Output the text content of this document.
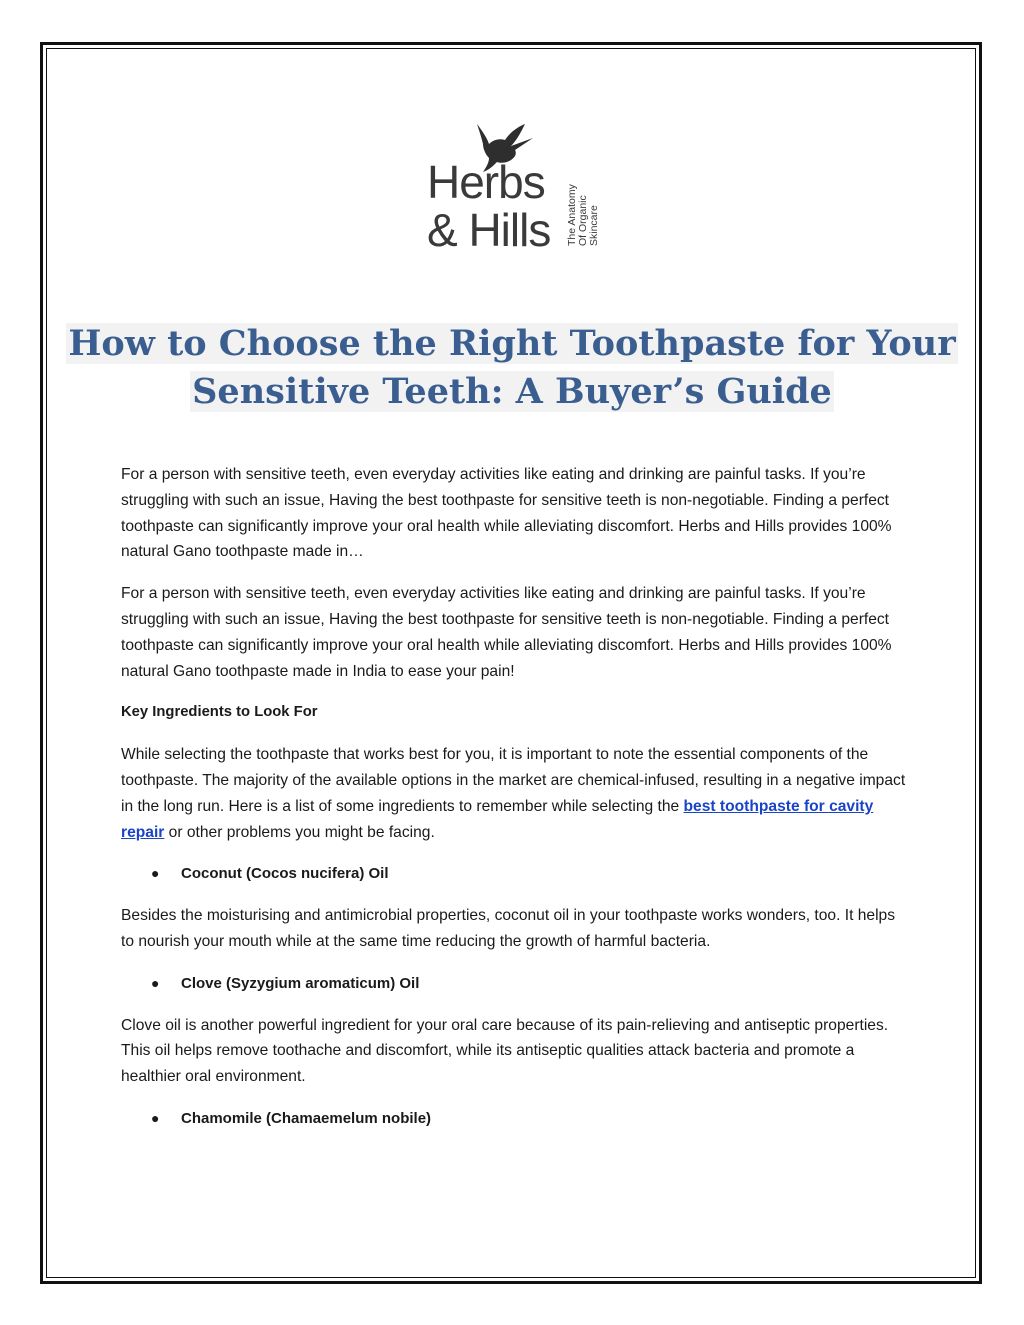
Herbs
& Hills The Anatomy Of Organic Skincare
How to Choose the Right Toothpaste for Your
Sensitive Teeth: A Buyer’s Guide

For a person with sensitive teeth, even everyday activities like eating and drinking are painful tasks. If you’re struggling with such an issue, Having the best toothpaste for sensitive teeth is non-negotiable. Finding a perfect toothpaste can significantly improve your oral health while alleviating discomfort. Herbs and Hills provides 100% natural Gano toothpaste made in…

For a person with sensitive teeth, even everyday activities like eating and drinking are painful tasks. If you’re struggling with such an issue, Having the best toothpaste for sensitive teeth is non-negotiable. Finding a perfect toothpaste can significantly improve your oral health while alleviating discomfort. Herbs and Hills provides 100% natural Gano toothpaste made in India to ease your pain!

Key Ingredients to Look For

While selecting the toothpaste that works best for you, it is important to note the essential components of the toothpaste. The majority of the available options in the market are chemical-infused, resulting in a negative impact in the long run. Here is a list of some ingredients to remember while selecting the best toothpaste for cavity repair or other problems you might be facing.

●	Coconut (Cocos nucifera) Oil

Besides the moisturising and antimicrobial properties, coconut oil in your toothpaste works wonders, too. It helps to nourish your mouth while at the same time reducing the growth of harmful bacteria.

●	Clove (Syzygium aromaticum) Oil

Clove oil is another powerful ingredient for your oral care because of its pain-relieving and antiseptic properties. This oil helps remove toothache and discomfort, while its antiseptic qualities attack bacteria and promote a healthier oral environment.

●	Chamomile (Chamaemelum nobile)
